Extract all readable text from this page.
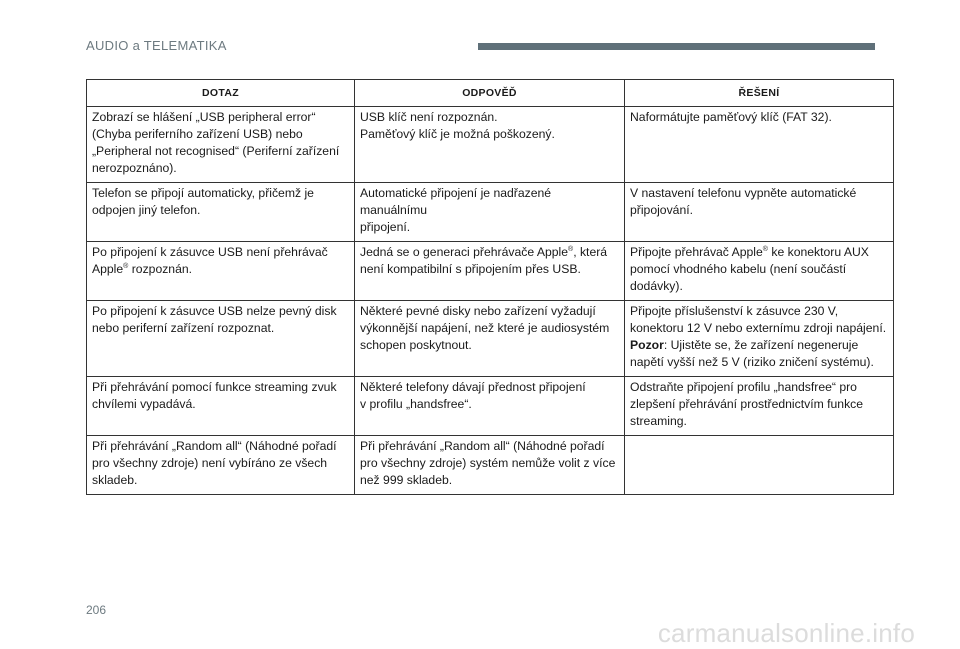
AUDIO a TELEMATIKA
DOTAZ	ODPOVĚĎ	ŘEŠENÍ
Zobrazí se hlášení „USB peripheral error“
(Chyba periferního zařízení USB) nebo
„Peripheral not recognised“ (Periferní zařízení
nerozpoznáno).	USB klíč není rozpoznán.
Paměťový klíč je možná poškozený.	Naformátujte paměťový klíč (FAT 32).
Telefon se připojí automaticky, přičemž je
odpojen jiný telefon.	Automatické připojení je nadřazené manuálnímu
připojení.	V nastavení telefonu vypněte automatické
připojování.
Po připojení k zásuvce USB není přehrávač
Apple® rozpoznán.	Jedná se o generaci přehrávače Apple®, která
není kompatibilní s připojením přes USB.	Připojte přehrávač Apple® ke konektoru AUX
pomocí vhodného kabelu (není součástí
dodávky).
Po připojení k zásuvce USB nelze pevný disk
nebo periferní zařízení rozpoznat.	Některé pevné disky nebo zařízení vyžadují
výkonnější napájení, než které je audiosystém
schopen poskytnout.	Připojte příslušenství k zásuvce 230 V,
konektoru 12 V nebo externímu zdroji napájení.
Pozor: Ujistěte se, že zařízení negeneruje
napětí vyšší než 5 V (riziko zničení systému).
Při přehrávání pomocí funkce streaming zvuk
chvílemi vypadává.	Některé telefony dávají přednost připojení
v profilu „handsfree“.	Odstraňte připojení profilu „handsfree“ pro
zlepšení přehrávání prostřednictvím funkce
streaming.
Při přehrávání „Random all“ (Náhodné pořadí
pro všechny zdroje) není vybíráno ze všech
skladeb.	Při přehrávání „Random all“ (Náhodné pořadí
pro všechny zdroje) systém nemůže volit z více
než 999 skladeb.	
206
carmanualsonline.info
